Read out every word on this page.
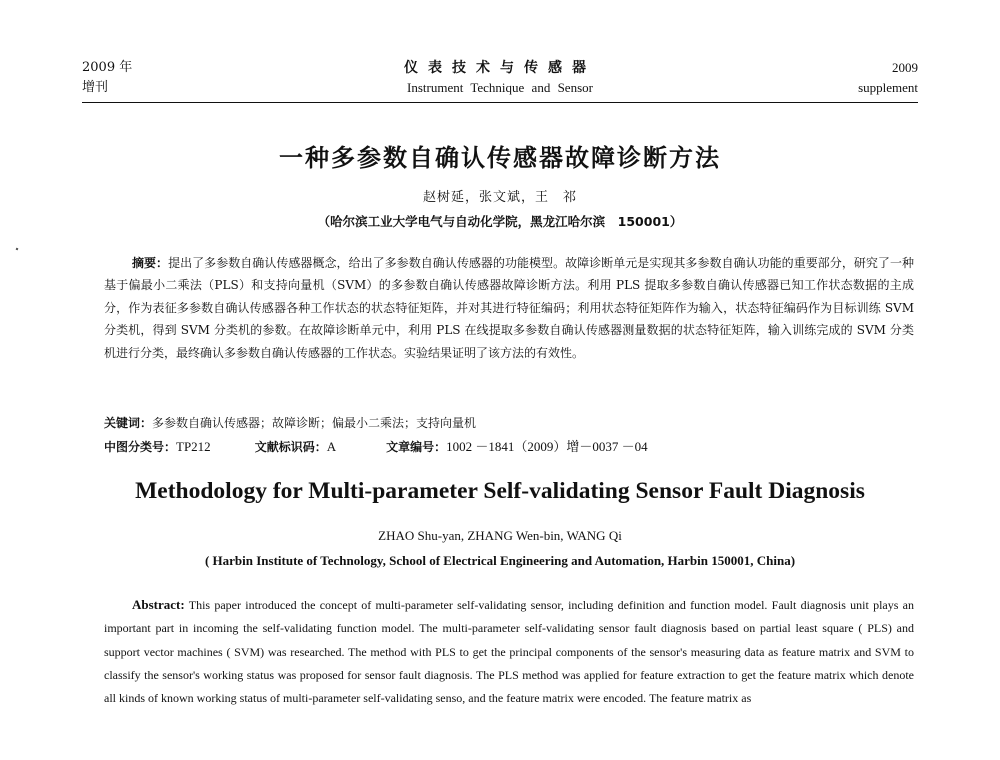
2009 年
增刊
仪表技术与传感器
Instrument Technique and Sensor
2009
supplement
一种多参数自确认传感器故障诊断方法
赵树延，张文斌，王　祁
（哈尔滨工业大学电气与自动化学院，黑龙江哈尔滨　150001）
摘要：提出了多参数自确认传感器概念，给出了多参数自确认传感器的功能模型。故障诊断单元是实现其多参数自确认功能的重要部分，研究了一种基于偏最小二乘法（PLS）和支持向量机（SVM）的多参数自确认传感器故障诊断方法。利用 PLS 提取多参数自确认传感器已知工作状态数据的主成分，作为表征多参数自确认传感器各种工作状态的状态特征矩阵，并对其进行特征编码；利用状态特征矩阵作为输入，状态特征编码作为目标训练 SVM 分类机，得到 SVM 分类机的参数。在故障诊断单元中，利用 PLS 在线提取多参数自确认传感器测量数据的状态特征矩阵，输入训练完成的 SVM 分类机进行分类，最终确认多参数自确认传感器的工作状态。实验结果证明了该方法的有效性。
关键词：多参数自确认传感器；故障诊断；偏最小二乘法；支持向量机
中图分类号：TP212	文献标识码：A	文章编号：1002 －1841（2009）增－0037 －04
Methodology for Multi-parameter Self-validating Sensor Fault Diagnosis
ZHAO Shu-yan, ZHANG Wen-bin, WANG Qi
( Harbin Institute of Technology, School of Electrical Engineering and Automation, Harbin 150001, China)
Abstract: This paper introduced the concept of multi-parameter self-validating sensor, including definition and function model. Fault diagnosis unit plays an important part in incoming the self-validating function model. The multi-parameter self-validating sensor fault diagnosis based on partial least square ( PLS) and support vector machines ( SVM) was researched. The method with PLS to get the principal components of the sensor's measuring data as feature matrix and SVM to classify the sensor's working status was proposed for sensor fault diagnosis. The PLS method was applied for feature extraction to get the feature matrix which denote all kinds of known working status of multi-parameter self-validating senso, and the feature matrix were encoded. The feature matrix as
